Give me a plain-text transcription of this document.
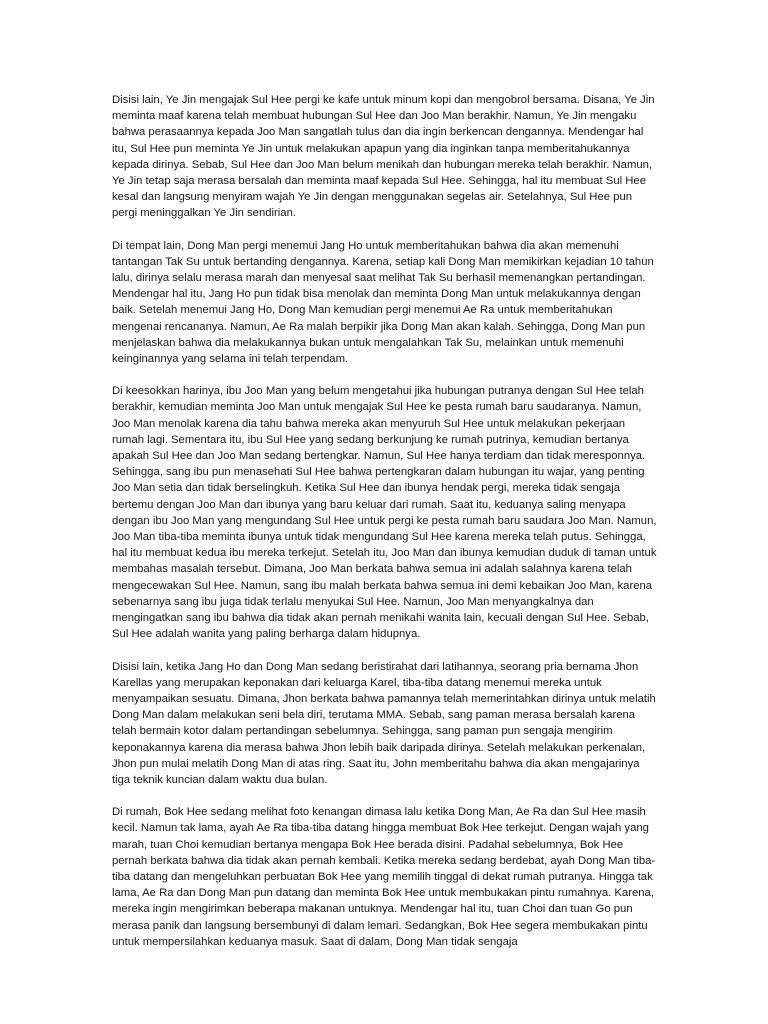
Disisi lain, Ye Jin mengajak Sul Hee pergi ke kafe untuk minum kopi dan mengobrol bersama. Disana, Ye Jin meminta maaf karena telah membuat hubungan Sul Hee dan Joo Man berakhir. Namun, Ye Jin mengaku bahwa perasaannya kepada Joo Man sangatlah tulus dan dia ingin berkencan dengannya. Mendengar hal itu, Sul Hee pun meminta Ye Jin untuk melakukan apapun yang dia inginkan tanpa memberitahukannya kepada dirinya. Sebab, Sul Hee dan Joo Man belum menikah dan hubungan mereka telah berakhir. Namun, Ye Jin tetap saja merasa bersalah dan meminta maaf kepada Sul Hee. Sehingga, hal itu membuat Sul Hee kesal dan langsung menyiram wajah Ye Jin dengan menggunakan segelas air. Setelahnya, Sul Hee pun pergi meninggalkan Ye Jin sendirian.

Di tempat lain, Dong Man pergi menemui Jang Ho untuk memberitahukan bahwa dia akan memenuhi tantangan Tak Su untuk bertanding dengannya. Karena, setiap kali Dong Man memikirkan kejadian 10 tahun lalu, dirinya selalu merasa marah dan menyesal saat melihat Tak Su berhasil memenangkan pertandingan. Mendengar hal itu, Jang Ho pun tidak bisa menolak dan meminta Dong Man untuk melakukannya dengan baik. Setelah menemui Jang Ho, Dong Man kemudian pergi menemui Ae Ra untuk memberitahukan mengenai rencananya. Namun, Ae Ra malah berpikir jika Dong Man akan kalah. Sehingga, Dong Man pun menjelaskan bahwa dia melakukannya bukan untuk mengalahkan Tak Su, melainkan untuk memenuhi keinginannya yang selama ini telah terpendam.

Di keesokkan harinya, ibu Joo Man yang belum mengetahui jika hubungan putranya dengan Sul Hee telah berakhir, kemudian meminta Joo Man untuk mengajak Sul Hee ke pesta rumah baru saudaranya. Namun, Joo Man menolak karena dia tahu bahwa mereka akan menyuruh Sul Hee untuk melakukan pekerjaan rumah lagi. Sementara itu, ibu Sul Hee yang sedang berkunjung ke rumah putrinya, kemudian bertanya apakah Sul Hee dan Joo Man sedang bertengkar. Namun, Sul Hee hanya terdiam dan tidak meresponnya. Sehingga, sang ibu pun menasehati Sul Hee bahwa pertengkaran dalam hubungan itu wajar, yang penting Joo Man setia dan tidak berselingkuh. Ketika Sul Hee dan ibunya hendak pergi, mereka tidak sengaja bertemu dengan Joo Man dan ibunya yang baru keluar dari rumah. Saat itu, keduanya saling menyapa dengan ibu Joo Man yang mengundang Sul Hee untuk pergi ke pesta rumah baru saudara Joo Man. Namun, Joo Man tiba-tiba meminta ibunya untuk tidak mengundang Sul Hee karena mereka telah putus. Sehingga, hal itu membuat kedua ibu mereka terkejut. Setelah itu, Joo Man dan ibunya kemudian duduk di taman untuk membahas masalah tersebut. Dimana, Joo Man berkata bahwa semua ini adalah salahnya karena telah mengecewakan Sul Hee. Namun, sang ibu malah berkata bahwa semua ini demi kebaikan Joo Man, karena sebenarnya sang ibu juga tidak terlalu menyukai Sul Hee. Namun, Joo Man menyangkalnya dan mengingatkan sang ibu bahwa dia tidak akan pernah menikahi wanita lain, kecuali dengan Sul Hee. Sebab, Sul Hee adalah wanita yang paling berharga dalam hidupnya.

Disisi lain, ketika Jang Ho dan Dong Man sedang beristirahat dari latihannya, seorang pria bernama Jhon Karellas yang merupakan keponakan dari keluarga Karel, tiba-tiba datang menemui mereka untuk menyampaikan sesuatu. Dimana, Jhon berkata bahwa pamannya telah memerintahkan dirinya untuk melatih Dong Man dalam melakukan seni bela diri, terutama MMA. Sebab, sang paman merasa bersalah karena telah bermain kotor dalam pertandingan sebelumnya. Sehingga, sang paman pun sengaja mengirim keponakannya karena dia merasa bahwa Jhon lebih baik daripada dirinya. Setelah melakukan perkenalan, Jhon pun mulai melatih Dong Man di atas ring. Saat itu, John memberitahu bahwa dia akan mengajarinya tiga teknik kuncian dalam waktu dua bulan.

Di rumah, Bok Hee sedang melihat foto kenangan dimasa lalu ketika Dong Man, Ae Ra dan Sul Hee masih kecil. Namun tak lama, ayah Ae Ra tiba-tiba datang hingga membuat Bok Hee terkejut. Dengan wajah yang marah, tuan Choi kemudian bertanya mengapa Bok Hee berada disini. Padahal sebelumnya, Bok Hee pernah berkata bahwa dia tidak akan pernah kembali. Ketika mereka sedang berdebat, ayah Dong Man tiba-tiba datang dan mengeluhkan perbuatan Bok Hee yang memilih tinggal di dekat rumah putranya. Hingga tak lama, Ae Ra dan Dong Man pun datang dan meminta Bok Hee untuk membukakan pintu rumahnya. Karena, mereka ingin mengirimkan beberapa makanan untuknya. Mendengar hal itu, tuan Choi dan tuan Go pun merasa panik dan langsung bersembunyi di dalam lemari. Sedangkan, Bok Hee segera membukakan pintu untuk mempersilahkan keduanya masuk. Saat di dalam, Dong Man tidak sengaja
